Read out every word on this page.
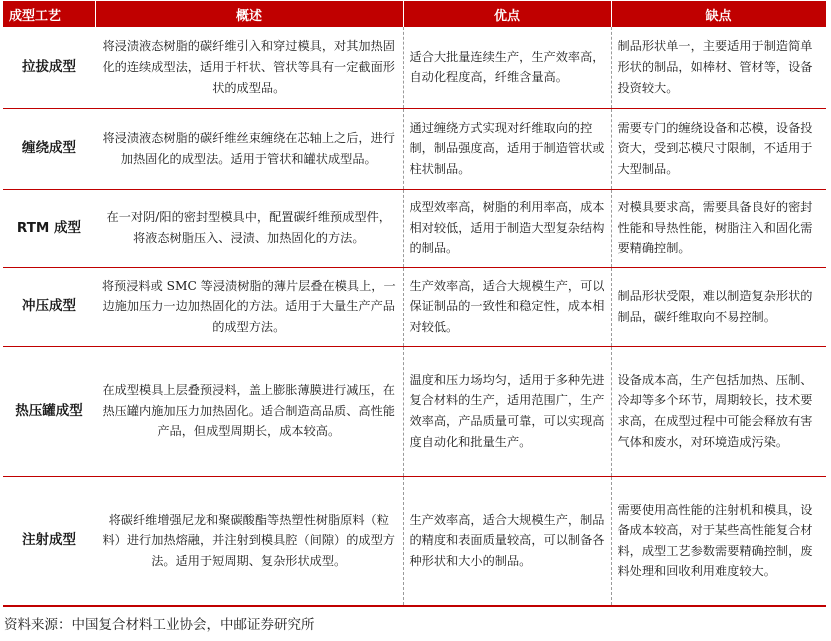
成型工艺	概述	优点	缺点
拉拔成型	将浸渍液态树脂的碳纤维引入和穿过模具，对其加热固化的连续成型法，适用于杆状、管状等具有一定截面形状的成型品。	适合大批量连续生产，生产效率高，自动化程度高，纤维含量高。	制品形状单一，主要适用于制造简单形状的制品，如棒材、管材等，设备投资较大。
缠绕成型	将浸渍液态树脂的碳纤维丝束缠绕在芯轴上之后，进行加热固化的成型法。适用于管状和罐状成型品。	通过缠绕方式实现对纤维取向的控制，制品强度高，适用于制造管状或柱状制品。	需要专门的缠绕设备和芯模，设备投资大，受到芯模尺寸限制，不适用于大型制品。
RTM 成型	在一对阴/阳的密封型模具中，配置碳纤维预成型件，将液态树脂压入、浸渍、加热固化的方法。	成型效率高，树脂的利用率高，成本相对较低，适用于制造大型复杂结构的制品。	对模具要求高，需要具备良好的密封性能和导热性能，树脂注入和固化需要精确控制。
冲压成型	将预浸料或 SMC 等浸渍树脂的薄片层叠在模具上，一边施加压力一边加热固化的方法。适用于大量生产产品的成型方法。	生产效率高，适合大规模生产，可以保证制品的一致性和稳定性，成本相对较低。	制品形状受限，难以制造复杂形状的制品，碳纤维取向不易控制。
热压罐成型	在成型模具上层叠预浸料，盖上膨胀薄膜进行减压，在热压罐内施加压力加热固化。适合制造高品质、高性能产品，但成型周期长，成本较高。	温度和压力场均匀，适用于多种先进复合材料的生产，适用范围广，生产效率高，产品质量可靠，可以实现高度自动化和批量生产。	设备成本高，生产包括加热、压制、冷却等多个环节，周期较长，技术要求高，在成型过程中可能会释放有害气体和废水，对环境造成污染。
注射成型	将碳纤维增强尼龙和聚碳酸酯等热塑性树脂原料（粒料）进行加热熔融，并注射到模具腔（间隙）的成型方法。适用于短周期、复杂形状成型。	生产效率高，适合大规模生产，制品的精度和表面质量较高，可以制备各种形状和大小的制品。	需要使用高性能的注射机和模具，设备成本较高，对于某些高性能复合材料，成型工艺参数需要精确控制，废料处理和回收利用难度较大。
资料来源：中国复合材料工业协会，中邮证券研究所
